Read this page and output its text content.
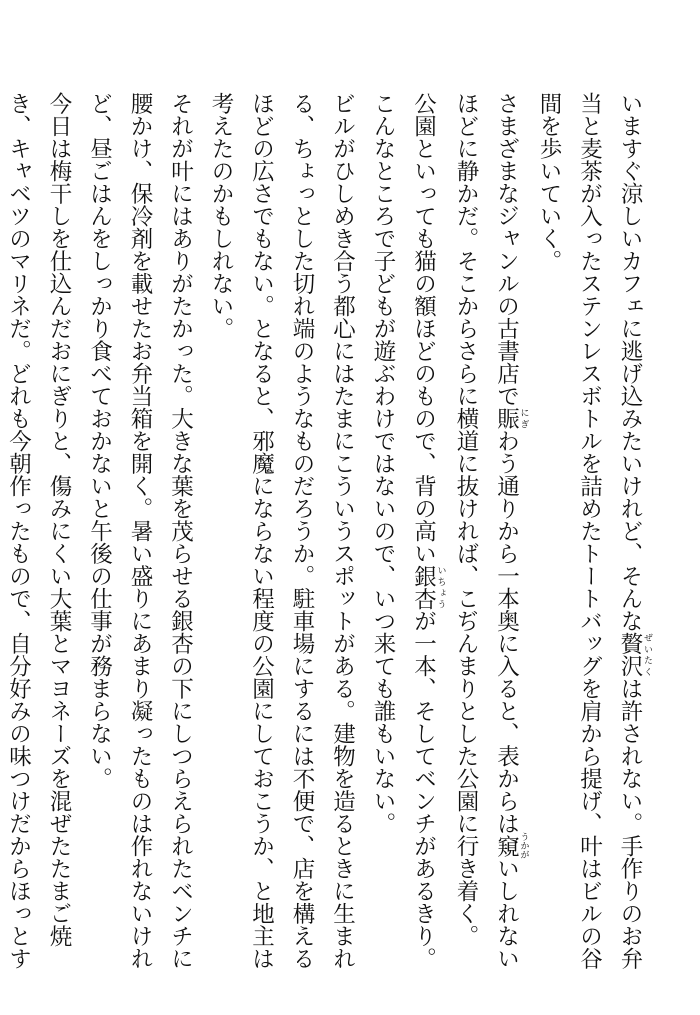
いますぐ涼しいカフェに逃げ込みたいけれど、そんな贅沢 ぜいたくは許されない。手作りのお弁当と麦茶が入ったステンレスボトルを詰めたトートバッグを肩から提げ、叶はビルの谷間を歩いていく。

さまざまなジャンルの古書店で賑 にぎわう通りから一本奥に入ると、表からは窺 うかがいしれないほどに静かだ。そこからさらに横道に抜ければ、こぢんまりとした公園に行き着く。

公園といっても猫の額ほどのもので、背の高い銀杏 いちょうが一本、そしてベンチがあるきり。こんなところで子どもが遊ぶわけではないので、いつ来ても誰もいない。

ビルがひしめき合う都心にはたまにこういうスポットがある。建物を造るときに生まれる、ちょっとした切れ端のようなものだろうか。駐車場にするには不便で、店を構えるほどの広さでもない。となると、邪魔にならない程度の公園にしておこうか、と地主は考えたのかもしれない。

それが叶にはありがたかった。大きな葉を茂らせる銀杏の下にしつらえられたベンチに腰かけ、保冷剤を載せたお弁当箱を開く。暑い盛りにあまり凝ったものは作れないけれど、昼ごはんをしっかり食べておかないと午後の仕事が務まらない。

今日は梅干しを仕込んだおにぎりと、傷みにくい大葉とマヨネーズを混ぜたたまご焼き、キャベツのマリネだ。どれも今朝作ったもので、自分好みの味つけだからほっとす
